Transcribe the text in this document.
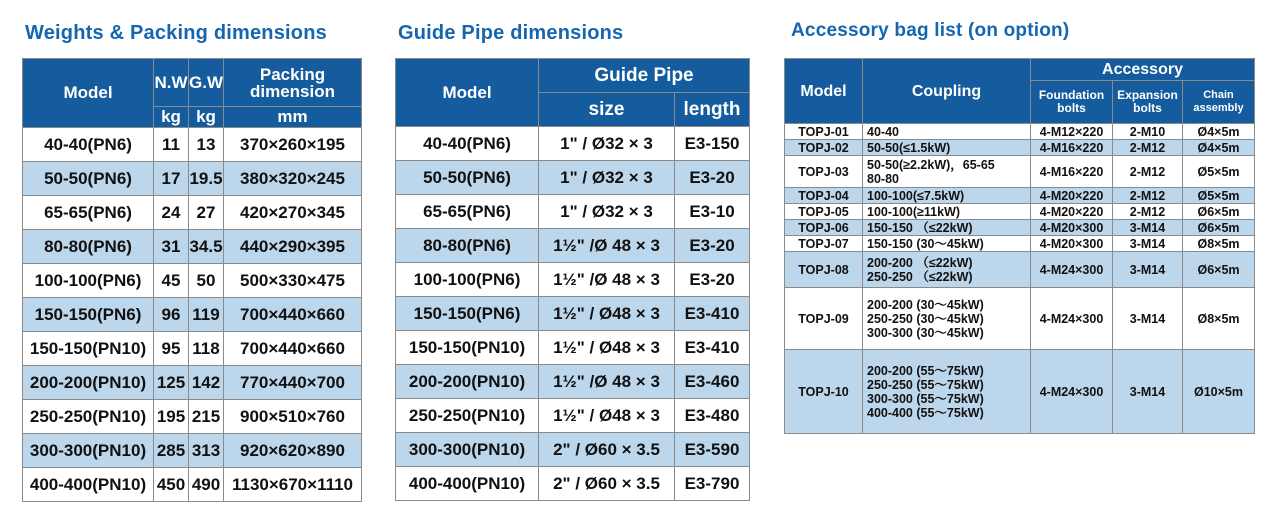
Weights & Packing dimensions
Model	N.W	G.W	Packing dimension
	kg	kg	mm
40-40(PN6)	11	13	370×260×195
50-50(PN6)	17	19.5	380×320×245
65-65(PN6)	24	27	420×270×345
80-80(PN6)	31	34.5	440×290×395
100-100(PN6)	45	50	500×330×475
150-150(PN6)	96	119	700×440×660
150-150(PN10)	95	118	700×440×660
200-200(PN10)	125	142	770×440×700
250-250(PN10)	195	215	900×510×760
300-300(PN10)	285	313	920×620×890
400-400(PN10)	450	490	1130×670×1110
Guide Pipe dimensions
Model	Guide Pipe	
	size	length
40-40(PN6)	1" / Ø32 × 3	E3-150
50-50(PN6)	1" / Ø32 × 3	E3-20
65-65(PN6)	1" / Ø32 × 3	E3-10
80-80(PN6)	1½" /Ø 48 × 3	E3-20
100-100(PN6)	1½" /Ø 48 × 3	E3-20
150-150(PN6)	1½" / Ø48 × 3	E3-410
150-150(PN10)	1½" / Ø48 × 3	E3-410
200-200(PN10)	1½" /Ø 48 × 3	E3-460
250-250(PN10)	1½" / Ø48 × 3	E3-480
300-300(PN10)	2" / Ø60 × 3.5	E3-590
400-400(PN10)	2" / Ø60 × 3.5	E3-790
Accessory bag list (on option)
Model	Coupling	Accessory		
		Foundation bolts	Expansion bolts	Chain assembly
TOPJ-01	40-40	4-M12×220	2-M10	Ø4×5m
TOPJ-02	50-50(≤1.5kW)	4-M16×220	2-M12	Ø4×5m
TOPJ-03	50-50(≥2.2kW)，65-65
80-80	4-M16×220	2-M12	Ø5×5m
TOPJ-04	100-100(≤7.5kW)	4-M20×220	2-M12	Ø5×5m
TOPJ-05	100-100(≥11kW)	4-M20×220	2-M12	Ø6×5m
TOPJ-06	150-150 （≤22kW)	4-M20×300	3-M14	Ø6×5m
TOPJ-07	150-150 (30～45kW)	4-M20×300	3-M14	Ø8×5m
TOPJ-08	200-200 （≤22kW)
250-250 （≤22kW)	4-M24×300	3-M14	Ø6×5m
TOPJ-09	200-200 (30～45kW)
250-250 (30～45kW)
300-300 (30～45kW)	4-M24×300	3-M14	Ø8×5m
TOPJ-10	200-200 (55～75kW)
250-250 (55～75kW)
300-300 (55～75kW)
400-400 (55～75kW)	4-M24×300	3-M14	Ø10×5m
